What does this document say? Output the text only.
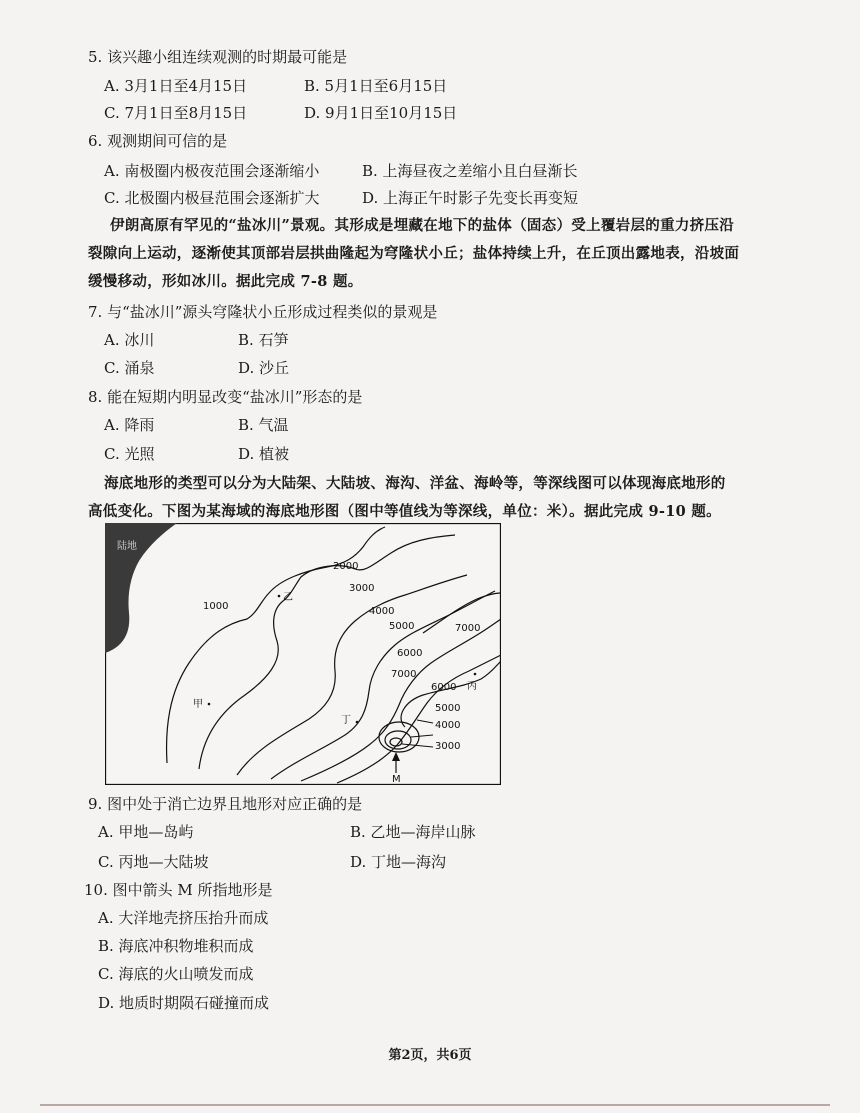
5. 该兴趣小组连续观测的时期最可能是
A. 3月1日至4月15日	B. 5月1日至6月15日
C. 7月1日至8月15日	D. 9月1日至10月15日
6. 观测期间可信的是
A. 南极圈内极夜范围会逐渐缩小	B. 上海昼夜之差缩小且白昼渐长
C. 北极圈内极昼范围会逐渐扩大	D. 上海正午时影子先变长再变短
伊朗高原有罕见的“盐冰川”景观。其形成是埋藏在地下的盐体（固态）受上覆岩层的重力挤压沿
裂隙向上运动，逐渐使其顶部岩层拱曲隆起为穹隆状小丘；盐体持续上升，在丘顶出露地表，沿坡面
缓慢移动，形如冰川。据此完成 7-8 题。
7. 与“盐冰川”源头穹隆状小丘形成过程类似的景观是
A. 冰川	B. 石笋
C. 涌泉	D. 沙丘
8. 能在短期内明显改变“盐冰川”形态的是
A. 降雨	B. 气温
C. 光照	D. 植被
海底地形的类型可以分为大陆架、大陆坡、海沟、洋盆、海岭等，等深线图可以体现海底地形的
高低变化。下图为某海域的海底地形图（图中等值线为等深线，单位：米）。据此完成 9-10 题。
陆地
1000
2000
3000
4000
5000	7000
6000
7000
6000
5000
4000
3000
乙
甲
丙
丁
M
9. 图中处于消亡边界且地形对应正确的是
A. 甲地—岛屿	B. 乙地—海岸山脉
C. 丙地—大陆坡	D. 丁地—海沟
10. 图中箭头 M 所指地形是
A. 大洋地壳挤压抬升而成
B. 海底冲积物堆积而成
C. 海底的火山喷发而成
D. 地质时期陨石碰撞而成
第2页，共6页
